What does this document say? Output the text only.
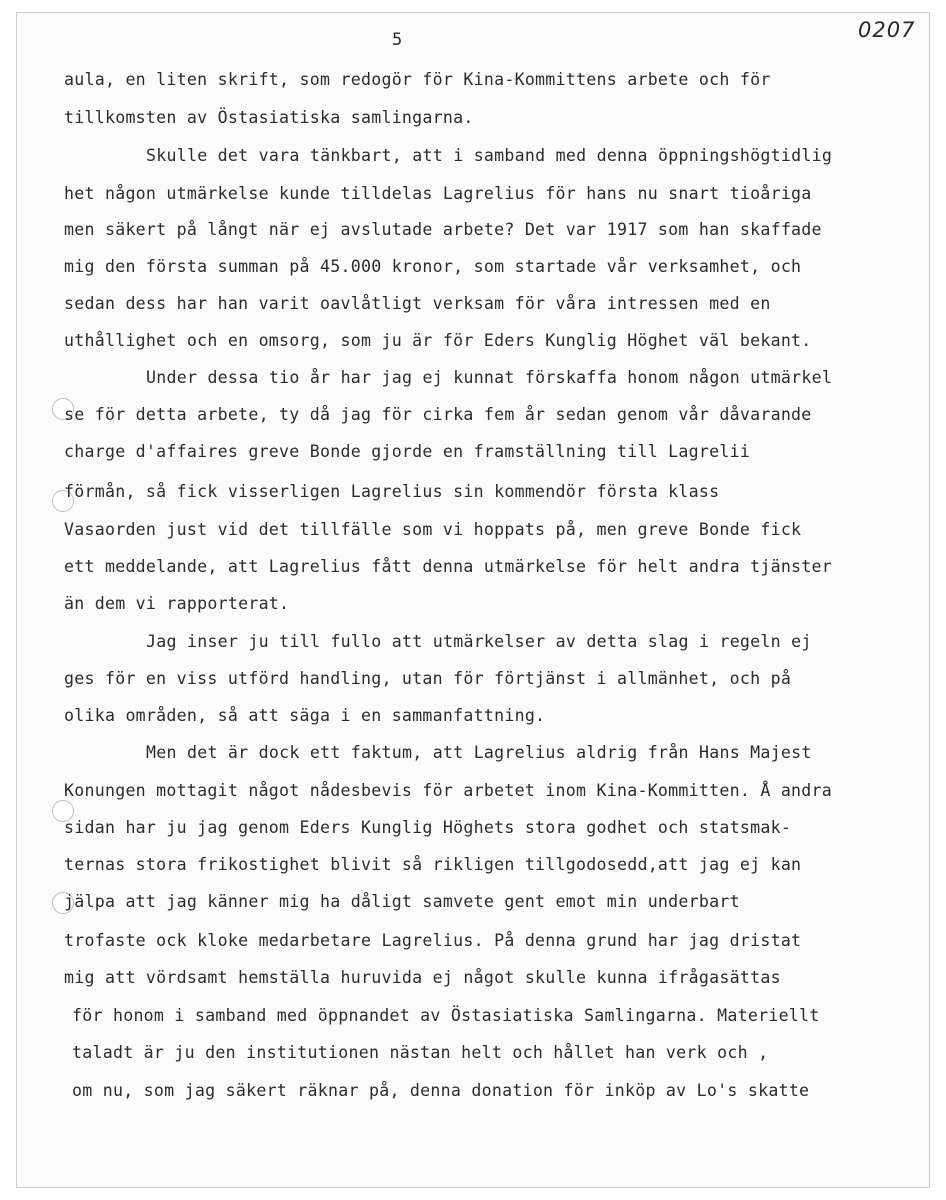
5	0207
aula, en liten skrift, som redogör för Kina-Kommittens arbete och för
tillkomsten av Östasiatiska samlingarna.
Skulle det vara tänkbart, att i samband med denna öppningshögtidlig
het någon utmärkelse kunde tilldelas Lagrelius för hans nu snart tioåriga
men säkert på långt när ej avslutade arbete? Det var 1917 som han skaffade
mig den första summan på 45.000 kronor, som startade vår verksamhet, och
sedan dess har han varit oavlåtligt verksam för våra intressen med en
uthållighet och en omsorg, som ju är för Eders Kunglig Höghet väl bekant.
Under dessa tio år har jag ej kunnat förskaffa honom någon utmärkel
se för detta arbete, ty då jag för cirka fem år sedan genom vår dåvarande
charge d'affaires greve Bonde gjorde en framställning till Lagrelii
förmån, så fick visserligen Lagrelius sin kommendör första klass
Vasaorden just vid det tillfälle som vi hoppats på, men greve Bonde fick
ett meddelande, att Lagrelius fått denna utmärkelse för helt andra tjänster
än dem vi rapporterat.
Jag inser ju till fullo att utmärkelser av detta slag i regeln ej
ges för en viss utförd handling, utan för förtjänst i allmänhet, och på
olika områden, så att säga i en sammanfattning.
Men det är dock ett faktum, att Lagrelius aldrig från Hans Majest
Konungen mottagit något nådesbevis för arbetet inom Kina-Kommitten. Å andra
sidan har ju jag genom Eders Kunglig Höghets stora godhet och statsmak-
ternas stora frikostighet blivit så rikligen tillgodosedd,att jag ej kan
jälpa att jag känner mig ha dåligt samvete gent emot min underbart
trofaste ock kloke medarbetare Lagrelius. På denna grund har jag dristat
mig att vördsamt hemställa huruvida ej något skulle kunna ifrågasättas
för honom i samband med öppnandet av Östasiatiska Samlingarna. Materiellt
taladt är ju den institutionen nästan helt och hållet han verk och ,
om nu, som jag säkert räknar på, denna donation för inköp av Lo's skatte
